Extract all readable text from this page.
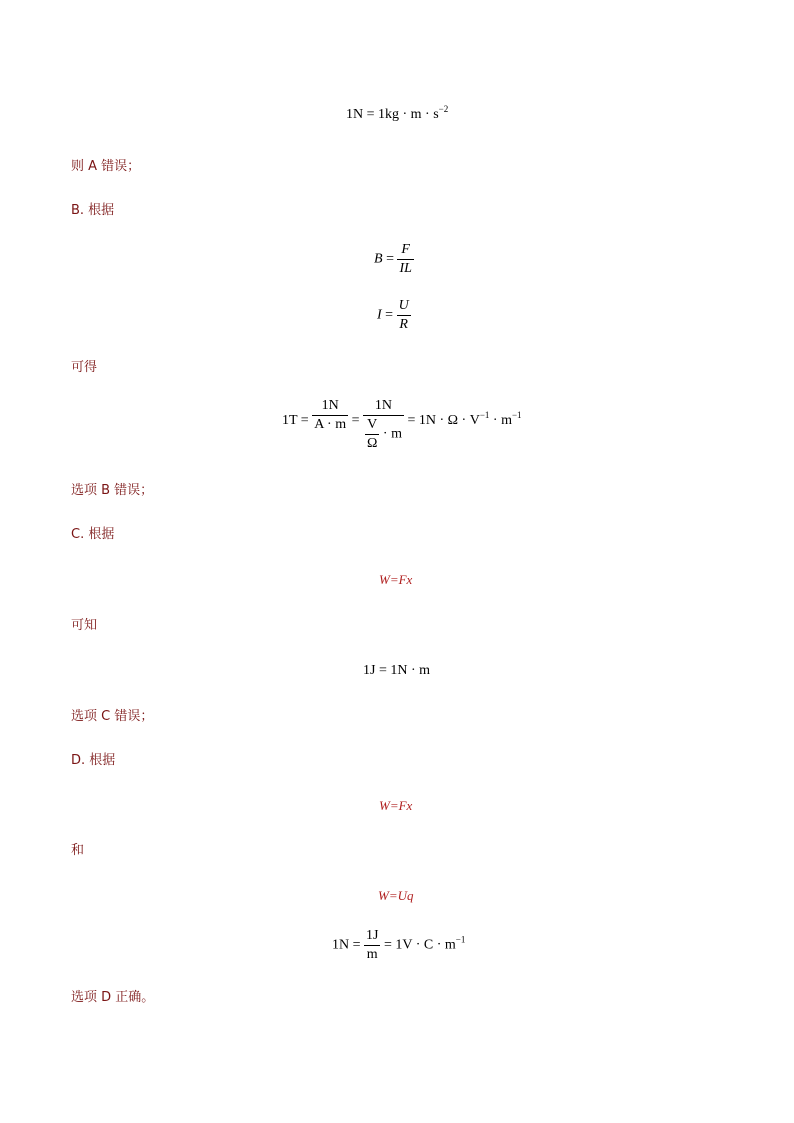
$1N = 1kg \cdot m \cdot s^{-2}$
则 A 错误；
B. 根据
$B = \frac{F}{IL}$
$I = \frac{U}{R}$
可得
$1T = \frac{1N}{A \cdot m} = \frac{1N}{\frac{V}{\Omega} \cdot m} = 1N \cdot \Omega \cdot V^{-1} \cdot m^{-1}$
选项 B 错误；
C. 根据
W=Fx
可知
1J = 1N · m
选项 C 错误；
D. 根据
W=Fx
和
W=Uq
$1N = \frac{1J}{m} = 1V \cdot C \cdot m^{-1}$
选项 D 正确。
